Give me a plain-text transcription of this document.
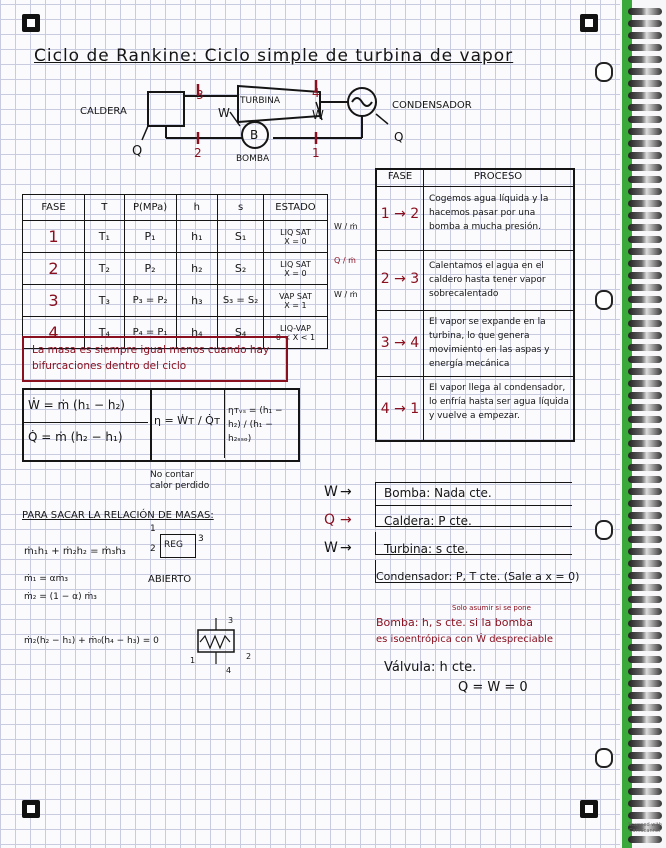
Ciclo de Rankine: Ciclo simple de turbina de vapor
CALDERA
TURBINA	CONDENSADOR
BOMBA
B
Q
Q
W	W
1
2
3	4
FASE	T	P(MPa)	h	s	ESTADO
1	T₁	P₁	h₁	S₁	LIQ SAT
X = 0

2	T₂	P₂	h₂	S₂	LIQ SAT
X = 0

3	T₃	P₃ = P₂	h₃	S₃ = S₂	VAP SAT
X = 1

4	T₄	P₄ = P₁	h₄	S₄	LIQ-VAP
0 < X < 1
W / ṁ
Q / ṁ
W / ṁ
FASE	PROCESO
1 → 2
Cogemos agua líquida y la hacemos pasar por una bomba a mucha presión.
2 → 3
Calentamos el agua en el caldero hasta tener vapor sobrecalentado
3 → 4
El vapor se expande en la turbina, lo que genera movimiento en las aspas y energía mecánica
4 → 1
El vapor llega al condensador, lo enfría hasta ser agua líquida y vuelve a empezar.
La masa es siempre igual menos cuando hay bifurcaciones dentro del ciclo
Ẇ = ṁ (h₁ − h₂)
Q̇ = ṁ (h₂ − h₁)
η = Ẇᴛ / Q̇ᴛ
ηᴛᵥₛ = (h₁ − h₂) / (h₁ − h₂ₛₛₒ)
No contar calor perdido
PARA SACAR LA RELACIÓN DE MASAS:
ṁ₁h₁ + ṁ₂h₂ = ṁ₃h₃
ṁ₁ = αṁ₃
ṁ₂ = (1 − α) ṁ₃
REG
1
2
3
ABIERTO
ṁ₂(h₂ − h₁) + ṁ₀(h₄ − h₃) = 0
1	2
3
4
W →	Bomba: Nada cte.
Q →	Caldera: P cte.
W →	Turbina: s cte.
Condensador: P, T cte. (Sale a x = 0)
Solo asumir si se pone
Bomba: h, s cte. si la bomba
es isoentrópica con Ẇ despreciable
Válvula: h cte.
Q = W = 0
Scanned with CamScanner
